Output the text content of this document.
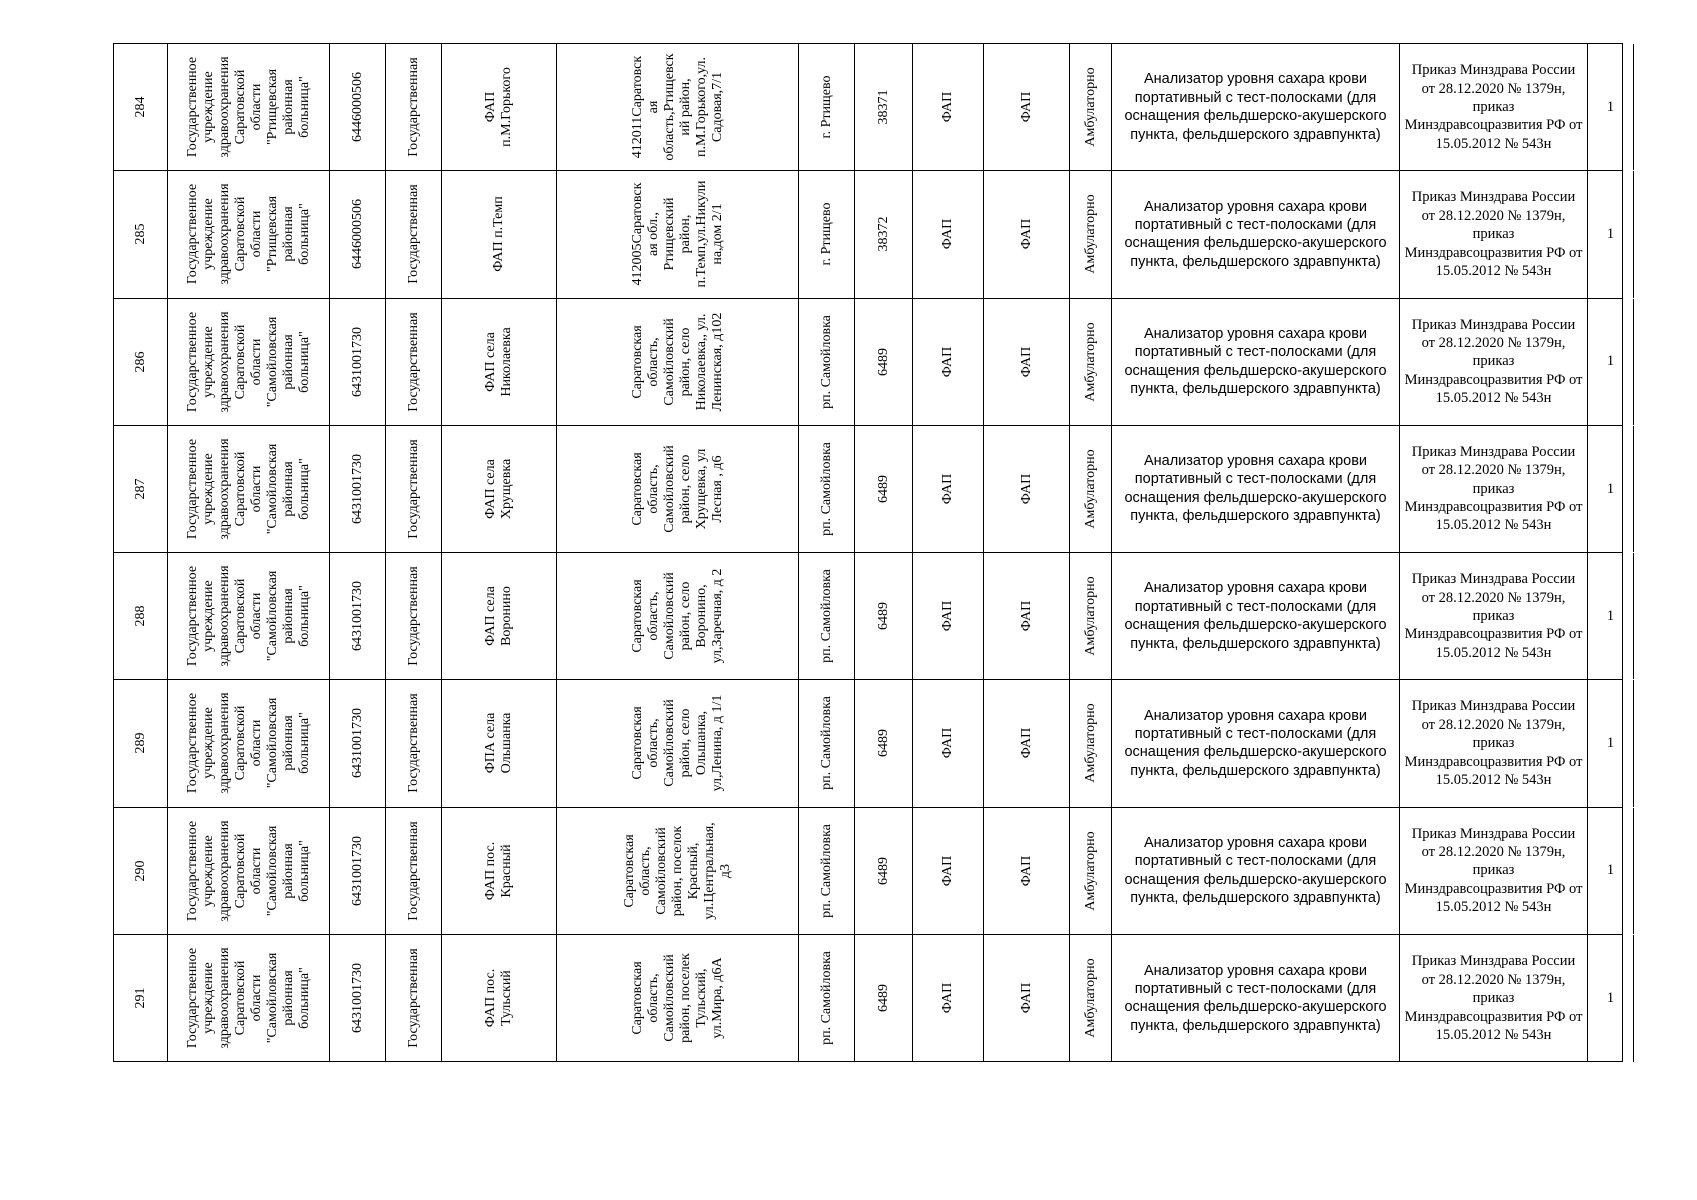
284	Государственное
учреждение
здравоохранения
Саратовской
области
"Ртищевская
районная
больница"	6446000506	Государственная	ФАП
п.М.Горького	412011Саратовск
ая
область,Ртищевск
ий район,
п.М.Горького,ул.
Садовая,7/1	г. Ртищево	38371	ФАП	ФАП	Амбулаторно	Анализатор уровня сахара крови портативный с тест-полосками (для оснащения фельдшерско-акушерского пункта, фельдшерского здравпункта)
Приказ Минздрава России от 28.12.2020 № 1379н, приказ Минздравсоцразвития РФ от 15.05.2012 № 543н
1
285	Государственное
учреждение
здравоохранения
Саратовской
области
"Ртищевская
районная
больница"	6446000506	Государственная	ФАП п.Темп	412005Саратовск
ая обл.,
Ртищевский
район,
п.Темп,ул.Никули
на,дом 2/1	г. Ртищево	38372	ФАП	ФАП	Амбулаторно	Анализатор уровня сахара крови портативный с тест-полосками (для оснащения фельдшерско-акушерского пункта, фельдшерского здравпункта)
Приказ Минздрава России от 28.12.2020 № 1379н, приказ Минздравсоцразвития РФ от 15.05.2012 № 543н
1
286	Государственное
учреждение
здравоохранения
Саратовской
области
"Самойловская
районная
больница"	6431001730	Государственная	ФАП села
Николаевка	Саратовская
область,
Самойловский
район, село
Николаевка,, ул.
Ленинская, д102	рп. Самойловка	6489	ФАП	ФАП	Амбулаторно	Анализатор уровня сахара крови портативный с тест-полосками (для оснащения фельдшерско-акушерского пункта, фельдшерского здравпункта)
Приказ Минздрава России от 28.12.2020 № 1379н, приказ Минздравсоцразвития РФ от 15.05.2012 № 543н
1
287	Государственное
учреждение
здравоохранения
Саратовской
области
"Самойловская
районная
больница"	6431001730	Государственная	ФАП села
Хрущевка	Саратовская
область,
Самойловский
район, село
Хрущевка, ул
Лесная , д6	рп. Самойловка	6489	ФАП	ФАП	Амбулаторно	Анализатор уровня сахара крови портативный с тест-полосками (для оснащения фельдшерско-акушерского пункта, фельдшерского здравпункта)
Приказ Минздрава России от 28.12.2020 № 1379н, приказ Минздравсоцразвития РФ от 15.05.2012 № 543н
1
288	Государственное
учреждение
здравоохранения
Саратовской
области
"Самойловская
районная
больница"	6431001730	Государственная	ФАП села
Воронино	Саратовская
область,
Самойловский
район, село
Воронино,
ул,Заречная, д 2	рп. Самойловка	6489	ФАП	ФАП	Амбулаторно	Анализатор уровня сахара крови портативный с тест-полосками (для оснащения фельдшерско-акушерского пункта, фельдшерского здравпункта)
Приказ Минздрава России от 28.12.2020 № 1379н, приказ Минздравсоцразвития РФ от 15.05.2012 № 543н
1
289	Государственное
учреждение
здравоохранения
Саратовской
области
"Самойловская
районная
больница"	6431001730	Государственная	ФПА села
Ольшанка	Саратовская
область,
Самойловский
район, село
Ольшанка,
ул,Ленина, д 1/1	рп. Самойловка	6489	ФАП	ФАП	Амбулаторно	Анализатор уровня сахара крови портативный с тест-полосками (для оснащения фельдшерско-акушерского пункта, фельдшерского здравпункта)
Приказ Минздрава России от 28.12.2020 № 1379н, приказ Минздравсоцразвития РФ от 15.05.2012 № 543н
1
290	Государственное
учреждение
здравоохранения
Саратовской
области
"Самойловская
районная
больница"	6431001730	Государственная	ФАП пос.
Красный	Саратовская
область,
Самойловский
район, поселок
Красный,
ул.Центральная,
д3	рп. Самойловка	6489	ФАП	ФАП	Амбулаторно	Анализатор уровня сахара крови портативный с тест-полосками (для оснащения фельдшерско-акушерского пункта, фельдшерского здравпункта)
Приказ Минздрава России от 28.12.2020 № 1379н, приказ Минздравсоцразвития РФ от 15.05.2012 № 543н
1
291	Государственное
учреждение
здравоохранения
Саратовской
области
"Самойловская
районная
больница"	6431001730	Государственная	ФАП пос.
Тульский	Саратовская
область,
Самойловский
район, поселек
Тульский,
ул.Мира, д6А	рп. Самойловка	6489	ФАП	ФАП	Амбулаторно	Анализатор уровня сахара крови портативный с тест-полосками (для оснащения фельдшерско-акушерского пункта, фельдшерского здравпункта)
Приказ Минздрава России от 28.12.2020 № 1379н, приказ Минздравсоцразвития РФ от 15.05.2012 № 543н
1
